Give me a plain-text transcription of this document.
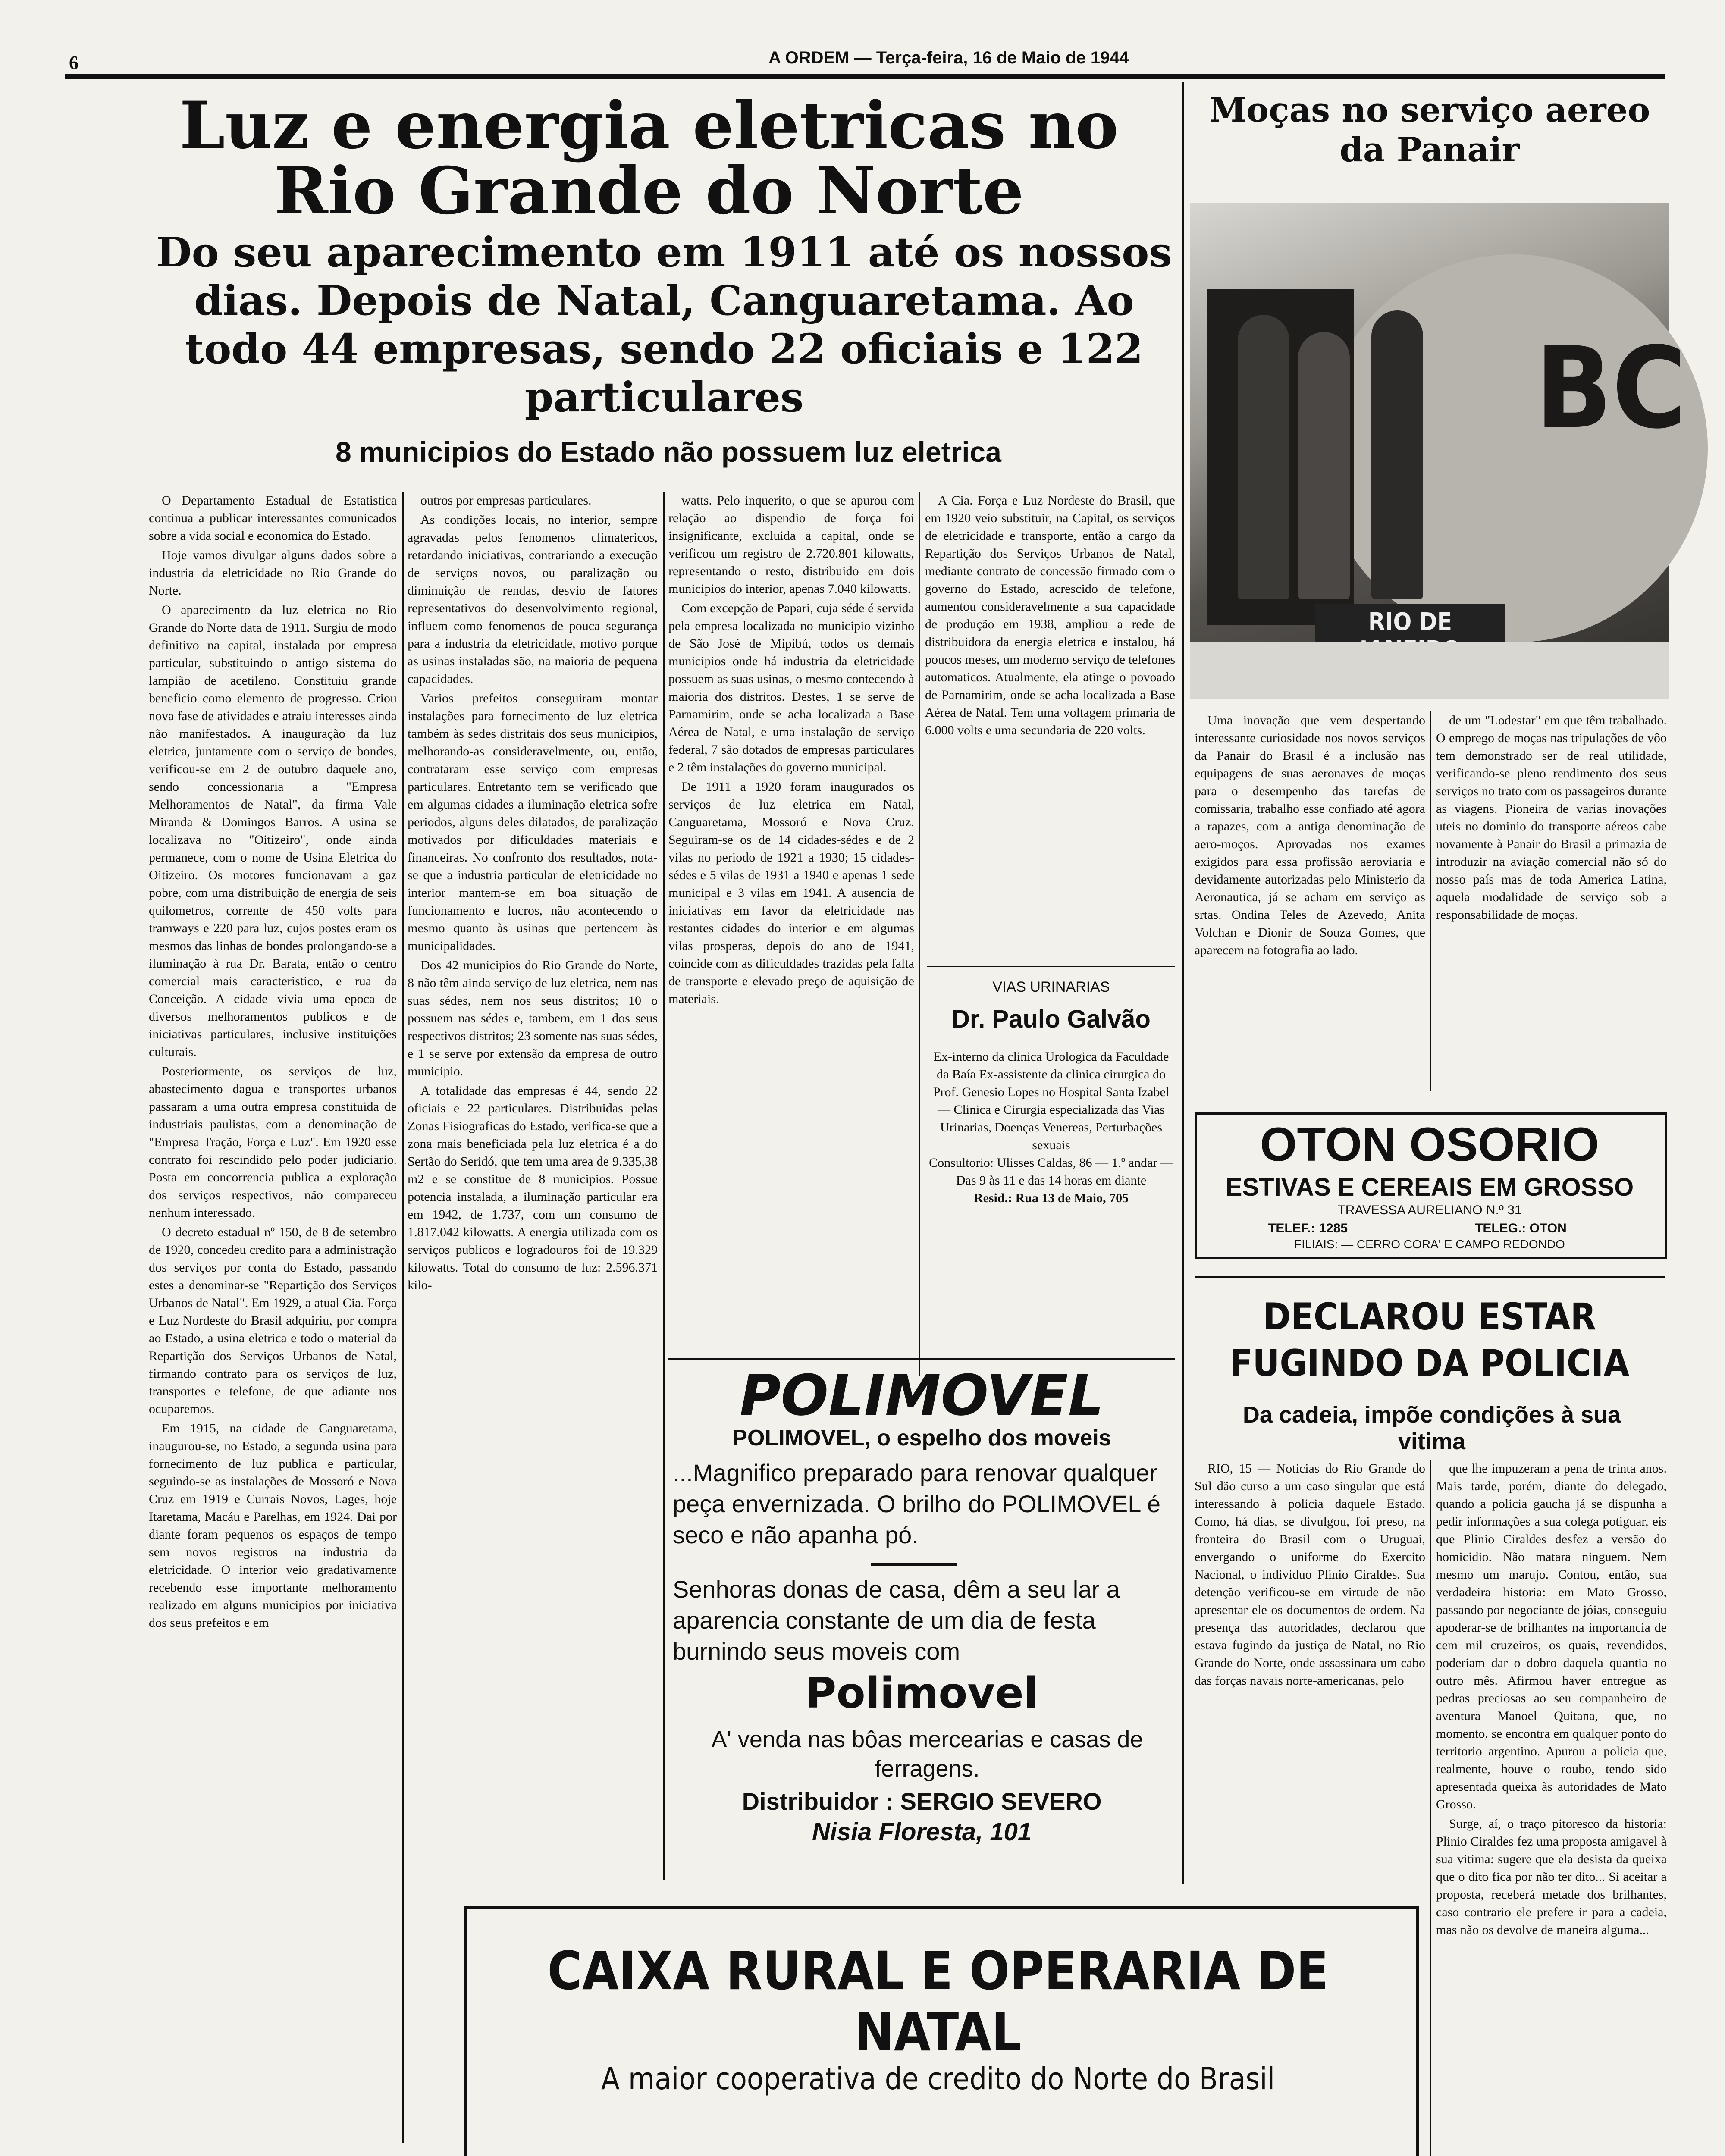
6	A ORDEM — Terça-feira, 16 de Maio de 1944
Luz e energia eletricas no Rio Grande do Norte
Do seu aparecimento em 1911 até os nossos dias. Depois de Natal, Canguaretama. Ao todo 44 empresas, sendo 22 oficiais e 122 particulares
8 municipios do Estado não possuem luz eletrica

O Departamento Estadual de Estatistica continua a publicar interessantes comunicados sobre a vida social e economica do Estado.

Hoje vamos divulgar alguns dados sobre a industria da eletricidade no Rio Grande do Norte.

O aparecimento da luz eletrica no Rio Grande do Norte data de 1911. Surgiu de modo definitivo na capital, instalada por empresa particular, substituindo o antigo sistema do lampião de acetileno. Constituiu grande beneficio como elemento de progresso. Criou nova fase de atividades e atraiu interesses ainda não manifestados. A inauguração da luz eletrica, juntamente com o serviço de bondes, verificou-se em 2 de outubro daquele ano, sendo concessionaria a "Empresa Melhoramentos de Natal", da firma Vale Miranda & Domingos Barros. A usina se localizava no "Oitizeiro", onde ainda permanece, com o nome de Usina Eletrica do Oitizeiro. Os motores funcionavam a gaz pobre, com uma distribuição de energia de seis quilometros, corrente de 450 volts para tramways e 220 para luz, cujos postes eram os mesmos das linhas de bondes prolongando-se a iluminação à rua Dr. Barata, então o centro comercial mais caracteristico, e rua da Conceição. A cidade vivia uma epoca de diversos melhoramentos publicos e de iniciativas particulares, inclusive instituições culturais.

Posteriormente, os serviços de luz, abastecimento dagua e transportes urbanos passaram a uma outra empresa constituida de industriais paulistas, com a denominação de "Empresa Tração, Força e Luz". Em 1920 esse contrato foi rescindido pelo poder judiciario. Posta em concorrencia publica a exploração dos serviços respectivos, não compareceu nenhum interessado.

O decreto estadual nº 150, de 8 de setembro de 1920, concedeu credito para a administração dos serviços por conta do Estado, passando estes a denominar-se "Repartição dos Serviços Urbanos de Natal". Em 1929, a atual Cia. Força e Luz Nordeste do Brasil adquiriu, por compra ao Estado, a usina eletrica e todo o material da Repartição dos Serviços Urbanos de Natal, firmando contrato para os serviços de luz, transportes e telefone, de que adiante nos ocuparemos.

Em 1915, na cidade de Canguaretama, inaugurou-se, no Estado, a segunda usina para fornecimento de luz publica e particular, seguindo-se as instalações de Mossoró e Nova Cruz em 1919 e Currais Novos, Lages, hoje Itaretama, Macáu e Parelhas, em 1924. Dai por diante foram pequenos os espaços de tempo sem novos registros na industria da eletricidade. O interior veio gradativamente recebendo esse importante melhoramento realizado em alguns municipios por iniciativa dos seus prefeitos e em

outros por empresas particulares.

As condições locais, no interior, sempre agravadas pelos fenomenos climatericos, retardando iniciativas, contrariando a execução de serviços novos, ou paralização ou diminuição de rendas, desvio de fatores representativos do desenvolvimento regional, influem como fenomenos de pouca segurança para a industria da eletricidade, motivo porque as usinas instaladas são, na maioria de pequena capacidades.

Varios prefeitos conseguiram montar instalações para fornecimento de luz eletrica também às sedes distritais dos seus municipios, melhorando-as consideravelmente, ou, então, contrataram esse serviço com empresas particulares. Entretanto tem se verificado que em algumas cidades a iluminação eletrica sofre periodos, alguns deles dilatados, de paralização motivados por dificuldades materiais e financeiras. No confronto dos resultados, nota-se que a industria particular de eletricidade no interior mantem-se em boa situação de funcionamento e lucros, não acontecendo o mesmo quanto às usinas que pertencem às municipalidades.

Dos 42 municipios do Rio Grande do Norte, 8 não têm ainda serviço de luz eletrica, nem nas suas sédes, nem nos seus distritos; 10 o possuem nas sédes e, tambem, em 1 dos seus respectivos distritos; 23 somente nas suas sédes, e 1 se serve por extensão da empresa de outro municipio.

A totalidade das empresas é 44, sendo 22 oficiais e 22 particulares. Distribuidas pelas Zonas Fisiograficas do Estado, verifica-se que a zona mais beneficiada pela luz eletrica é a do Sertão do Seridó, que tem uma area de 9.335,38 m2 e se constitue de 8 municipios. Possue potencia instalada, a iluminação particular era em 1942, de 1.737, com um consumo de 1.817.042 kilowatts. A energia utilizada com os serviços publicos e logradouros foi de 19.329 kilowatts. Total do consumo de luz: 2.596.371 kilo-

watts. Pelo inquerito, o que se apurou com relação ao dispendio de força foi insignificante, excluida a capital, onde se verificou um registro de 2.720.801 kilowatts, representando o resto, distribuido em dois municipios do interior, apenas 7.040 kilowatts.

Com excepção de Papari, cuja séde é servida pela empresa localizada no municipio vizinho de São José de Mipibú, todos os demais municipios onde há industria da eletricidade possuem as suas usinas, o mesmo contecendo à maioria dos distritos. Destes, 1 se serve de Parnamirim, onde se acha localizada a Base Aérea de Natal, e uma instalação de serviço federal, 7 são dotados de empresas particulares e 2 têm instalações do governo municipal.

De 1911 a 1920 foram inaugurados os serviços de luz eletrica em Natal, Canguaretama, Mossoró e Nova Cruz. Seguiram-se os de 14 cidades-sédes e de 2 vilas no periodo de 1921 a 1930; 15 cidades-sédes e 5 vilas de 1931 a 1940 e apenas 1 sede municipal e 3 vilas em 1941. A ausencia de iniciativas em favor da eletricidade nas restantes cidades do interior e em algumas vilas prosperas, depois do ano de 1941, coincide com as dificuldades trazidas pela falta de transporte e elevado preço de aquisição de materiais.

A Cia. Força e Luz Nordeste do Brasil, que em 1920 veio substituir, na Capital, os serviços de eletricidade e transporte, então a cargo da Repartição dos Serviços Urbanos de Natal, mediante contrato de concessão firmado com o governo do Estado, acrescido de telefone, aumentou consideravelmente a sua capacidade de produção em 1938, ampliou a rede de distribuidora da energia eletrica e instalou, há poucos meses, um moderno serviço de telefones automaticos. Atualmente, ela atinge o povoado de Parnamirim, onde se acha localizada a Base Aérea de Natal. Tem uma voltagem primaria de 6.000 volts e uma secundaria de 220 volts.

VIAS URINARIAS
Dr. Paulo Galvão
Ex-interno da clinica Urologica da Faculdade da Baía Ex-assistente da clinica cirurgica do Prof. Genesio Lopes no Hospital Santa Izabel — Clinica e Cirurgia especializada das Vias Urinarias, Doenças Venereas, Perturbações sexuais
Consultorio: Ulisses Caldas, 86 — 1.º andar — Das 9 às 11 e das 14 horas em diante
Resid.: Rua 13 de Maio, 705
POLIMOVEL
POLIMOVEL, o espelho dos moveis
...Magnifico preparado para renovar qualquer peça envernizada. O brilho do POLIMOVEL é seco e não apanha pó.
Senhoras donas de casa, dêm a seu lar a aparencia constante de um dia de festa burnindo seus moveis com
Polimovel
A' venda nas bôas mercearias e casas de ferragens.
Distribuidor : SERGIO SEVERO
Nisia Floresta, 101
Moças no serviço aereo da Panair
BC
RIO DE

Uma inovação que vem despertando interessante curiosidade nos novos serviços da Panair do Brasil é a inclusão nas equipagens de suas aeronaves de moças para o desempenho das tarefas de comissaria, trabalho esse confiado até agora a rapazes, com a antiga denominação de aero-moços. Aprovadas nos exames exigidos para essa profissão aeroviaria e devidamente autorizadas pelo Ministerio da Aeronautica, já se acham em serviço as srtas. Ondina Teles de Azevedo, Anita Volchan e Dionir de Souza Gomes, que aparecem na fotografia ao lado.

de um "Lodestar" em que têm trabalhado. O emprego de moças nas tripulações de vôo tem demonstrado ser de real utilidade, verificando-se pleno rendimento dos seus serviços no trato com os passageiros durante as viagens. Pioneira de varias inovações uteis no dominio do transporte aéreos cabe novamente à Panair do Brasil a primazia de introduzir na aviação comercial não só do nosso país mas de toda America Latina, aquela modalidade de serviço sob a responsabilidade de moças.

OTON OSORIO
ESTIVAS E CEREAIS EM GROSSO
TRAVESSA AURELIANO N.º 31
TELEF.: 1285	TELEG.: OTON
FILIAIS: — CERRO CORA' E CAMPO REDONDO
DECLAROU ESTAR FUGINDO DA POLICIA
Da cadeia, impõe condições à sua vitima

RIO, 15 — Noticias do Rio Grande do Sul dão curso a um caso singular que está interessando à policia daquele Estado. Como, há dias, se divulgou, foi preso, na fronteira do Brasil com o Uruguai, envergando o uniforme do Exercito Nacional, o individuo Plinio Ciraldes. Sua detenção verificou-se em virtude de não apresentar ele os documentos de ordem. Na presença das autoridades, declarou que estava fugindo da justiça de Natal, no Rio Grande do Norte, onde assassinara um cabo das forças navais norte-americanas, pelo

que lhe impuzeram a pena de trinta anos. Mais tarde, porém, diante do delegado, quando a policia gaucha já se dispunha a pedir informações a sua colega potiguar, eis que Plinio Ciraldes desfez a versão do homicidio. Não matara ninguem. Nem mesmo um marujo. Contou, então, sua verdadeira historia: em Mato Grosso, passando por negociante de jóias, conseguiu apoderar-se de brilhantes na importancia de cem mil cruzeiros, os quais, revendidos, poderiam dar o dobro daquela quantia no outro mês. Afirmou haver entregue as pedras preciosas ao seu companheiro de aventura Manoel Quitana, que, no momento, se encontra em qualquer ponto do territorio argentino. Apurou a policia que, realmente, houve o roubo, tendo sido apresentada queixa às autoridades de Mato Grosso.

Surge, aí, o traço pitoresco da historia: Plinio Ciraldes fez uma proposta amigavel à sua vitima: sugere que ela desista da queixa que o dito fica por não ter dito... Si aceitar a proposta, receberá metade dos brilhantes, caso contrario ele prefere ir para a cadeia, mas não os devolve de maneira alguma...

CAIXA RURAL E OPERARIA DE NATAL
A maior cooperativa de credito do Norte do Brasil
